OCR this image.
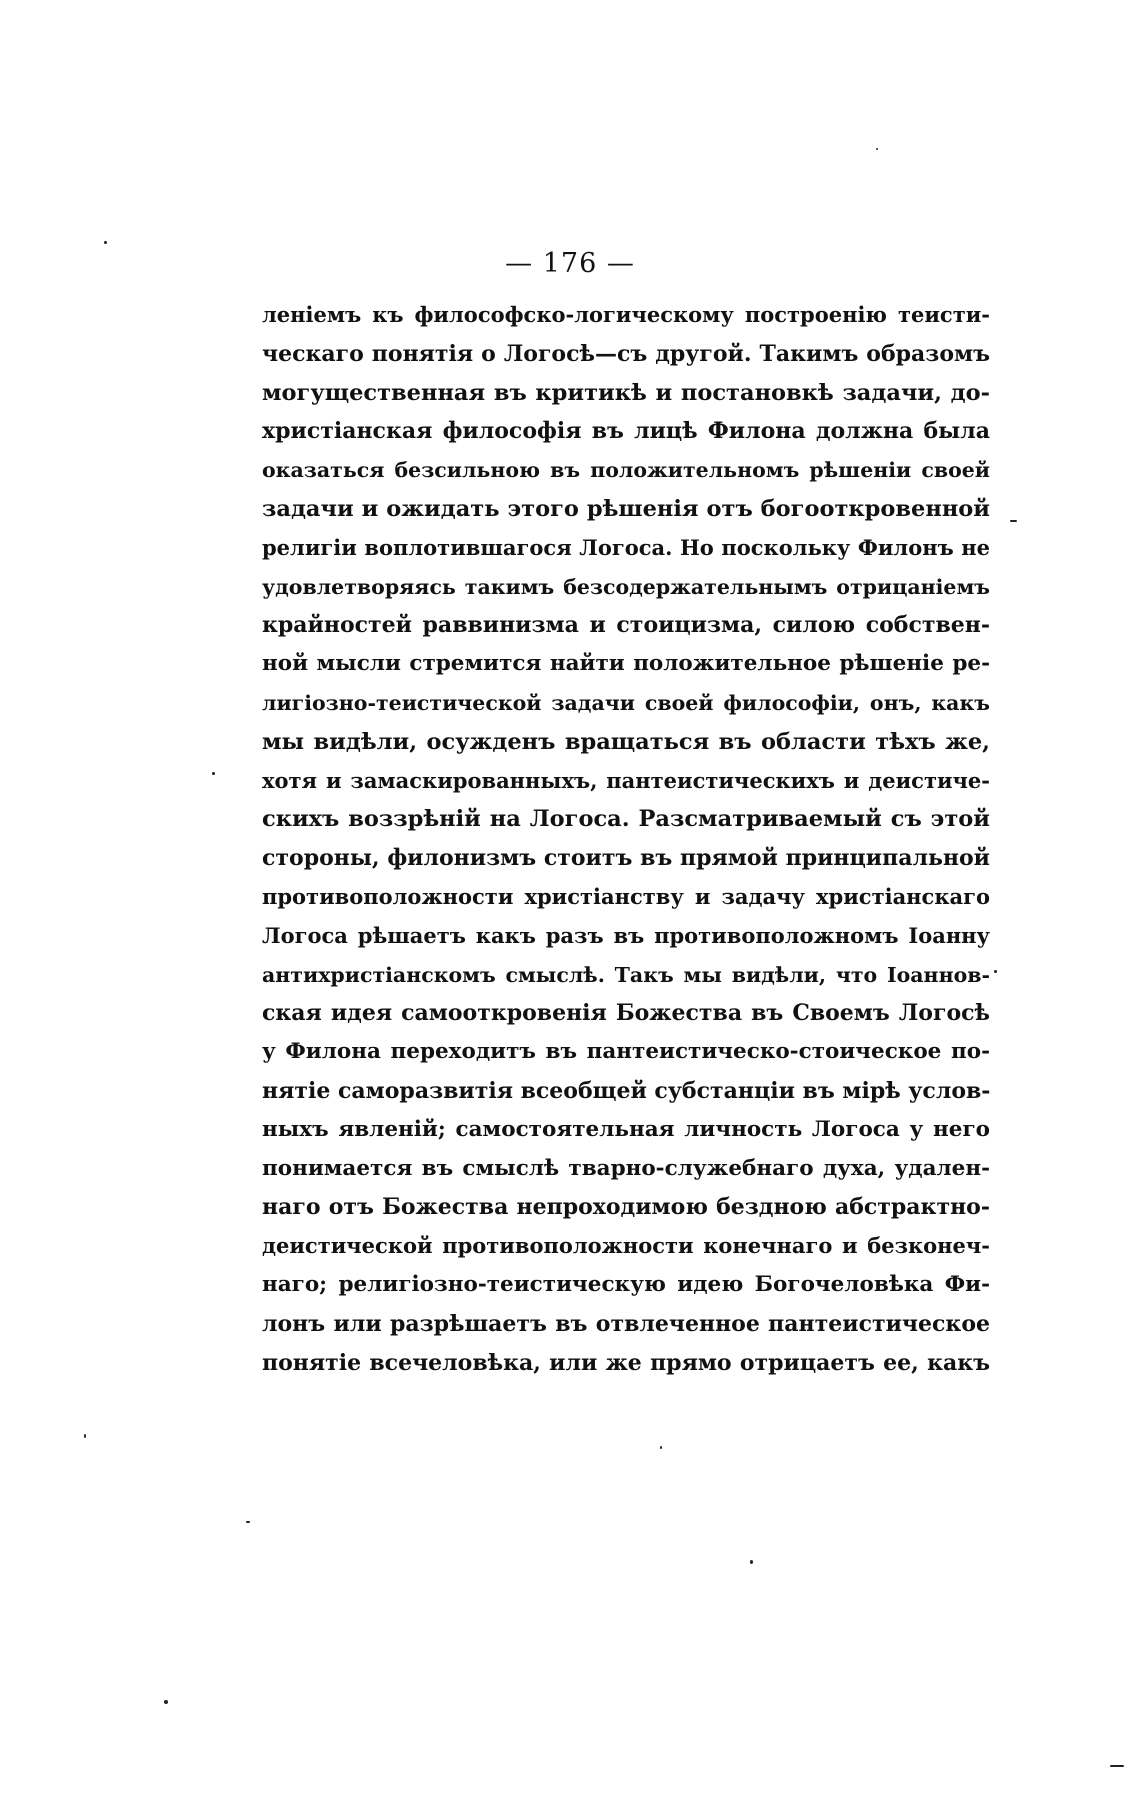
— 176 —
леніемъ къ философско-логическому построенію теисти-
ческаго понятія о Логосѣ—съ другой. Такимъ образомъ
могущественная въ критикѣ и постановкѣ задачи, до-
христіанская философія въ лицѣ Филона должна была
оказаться безсильною въ положительномъ рѣшеніи своей
задачи и ожидать этого рѣшенія отъ богооткровенной
религіи воплотившагося Логоса. Но поскольку Филонъ не
удовлетворяясь такимъ безсодержательнымъ отрицаніемъ
крайностей раввинизма и стоицизма, силою собствен-
ной мысли стремится найти положительное рѣшеніе ре-
лигіозно-теистической задачи своей философіи, онъ, какъ
мы видѣли, осужденъ вращаться въ области тѣхъ же,
хотя и замаскированныхъ, пантеистическихъ и деистиче-
скихъ воззрѣній на Логоса. Разсматриваемый съ этой
стороны, филонизмъ стоитъ въ прямой принципальной
противоположности христіанству и задачу христіанскаго
Логоса рѣшаетъ какъ разъ въ противоположномъ Іоанну
антихристіанскомъ смыслѣ. Такъ мы видѣли, что Іоаннов-
ская идея самооткровенія Божества въ Своемъ Логосѣ
у Филона переходитъ въ пантеистическо-стоическое по-
нятіе саморазвитія всеобщей субстанціи въ мірѣ услов-
ныхъ явленій; самостоятельная личность Логоса у него
понимается въ смыслѣ тварно-служебнаго духа, удален-
наго отъ Божества непроходимою бездною абстрактно-
деистической противоположности конечнаго и безконеч-
наго; религіозно-теистическую идею Богочеловѣка Фи-
лонъ или разрѣшаетъ въ отвлеченное пантеистическое
понятіе всечеловѣка, или же прямо отрицаетъ ее, какъ
